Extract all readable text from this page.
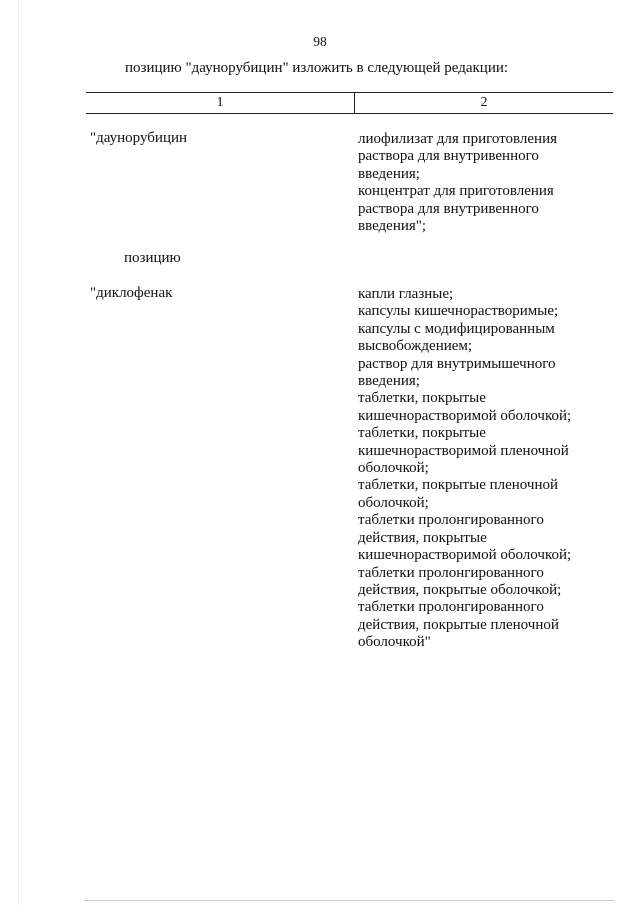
98
позицию "даунорубицин" изложить в следующей редакции:
1	2
"даунорубицин	лиофилизат для приготовления
раствора для внутривенного
введения;
концентрат для приготовления
раствора для внутривенного
введения";
позицию
"диклофенак	капли глазные;
капсулы кишечнорастворимые;
капсулы с модифицированным
высвобождением;
раствор для внутримышечного
введения;
таблетки, покрытые
кишечнорастворимой оболочкой;
таблетки, покрытые
кишечнорастворимой пленочной
оболочкой;
таблетки, покрытые пленочной
оболочкой;
таблетки пролонгированного
действия, покрытые
кишечнорастворимой оболочкой;
таблетки пролонгированного
действия, покрытые оболочкой;
таблетки пролонгированного
действия, покрытые пленочной
оболочкой"
